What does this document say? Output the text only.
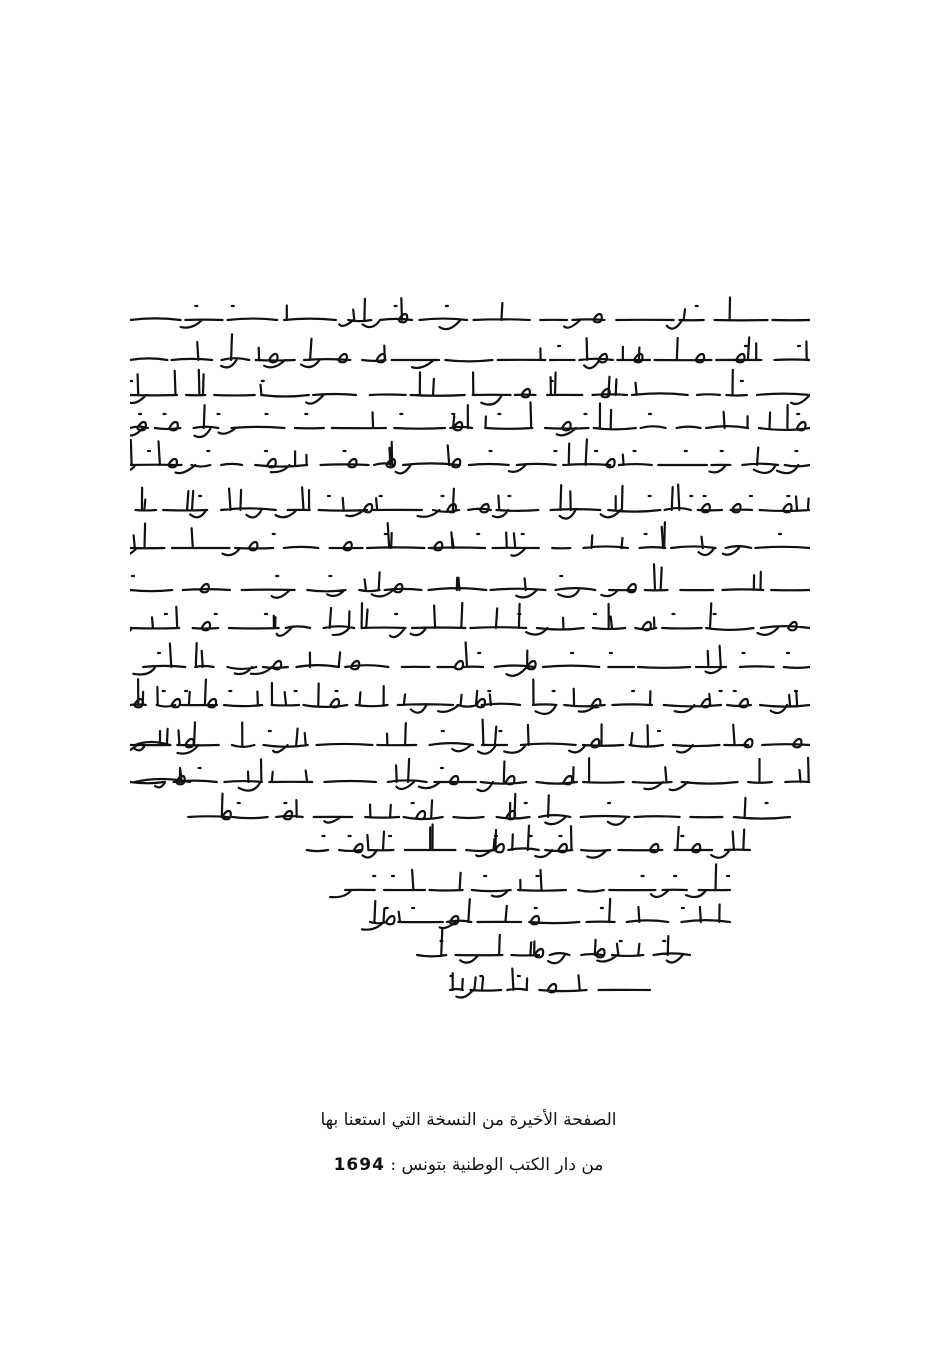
الصفحة الأخيرة من النسخة التي استعنا بها
من دار الكتب الوطنية بتونس : 1694
